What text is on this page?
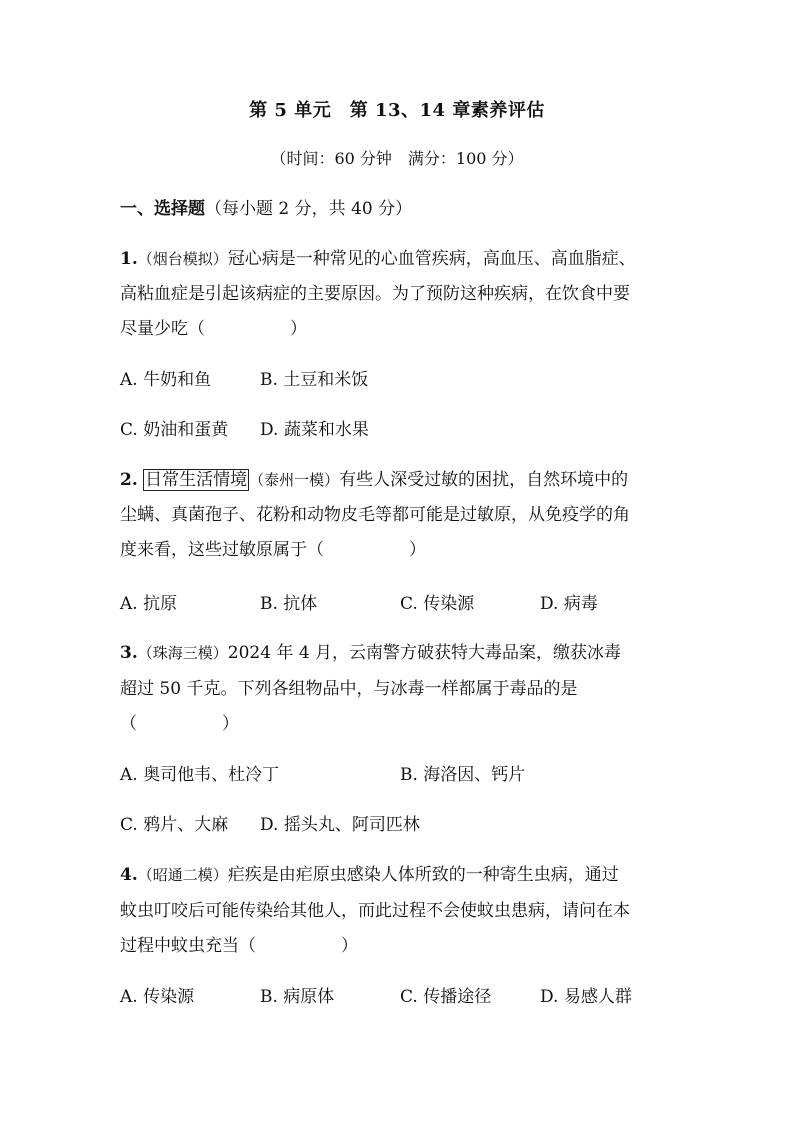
第 5 单元　第 13、14 章素养评估
（时间：60 分钟　满分：100 分）
一、选择题（每小题 2 分，共 40 分）
1.（烟台模拟）冠心病是一种常见的心血管疾病，高血压、高血脂症、
高粘血症是引起该病症的主要原因。为了预防这种疾病，在饮食中要
尽量少吃（　　　　　）
A. 牛奶和鱼	B. 土豆和米饭
C. 奶油和蛋黄 D. 蔬菜和水果
2. 日常生活情境 （泰州一模）有些人深受过敏的困扰，自然环境中的
尘螨、真菌孢子、花粉和动物皮毛等都可能是过敏原，从免疫学的角
度来看，这些过敏原属于（　　　　　）
A. 抗原	B. 抗体	C. 传染源	D. 病毒
3.（珠海三模）2024 年 4 月，云南警方破获特大毒品案，缴获冰毒
超过 50 千克。下列各组物品中，与冰毒一样都属于毒品的是
（　　　　　）
A. 奥司他韦、杜冷丁	B. 海洛因、钙片
C. 鸦片、大麻 D. 摇头丸、阿司匹林
4.（昭通二模）疟疾是由疟原虫感染人体所致的一种寄生虫病，通过
蚊虫叮咬后可能传染给其他人，而此过程不会使蚊虫患病，请问在本
过程中蚊虫充当（　　　　　）
A. 传染源	B. 病原体	C. 传播途径	D. 易感人群
